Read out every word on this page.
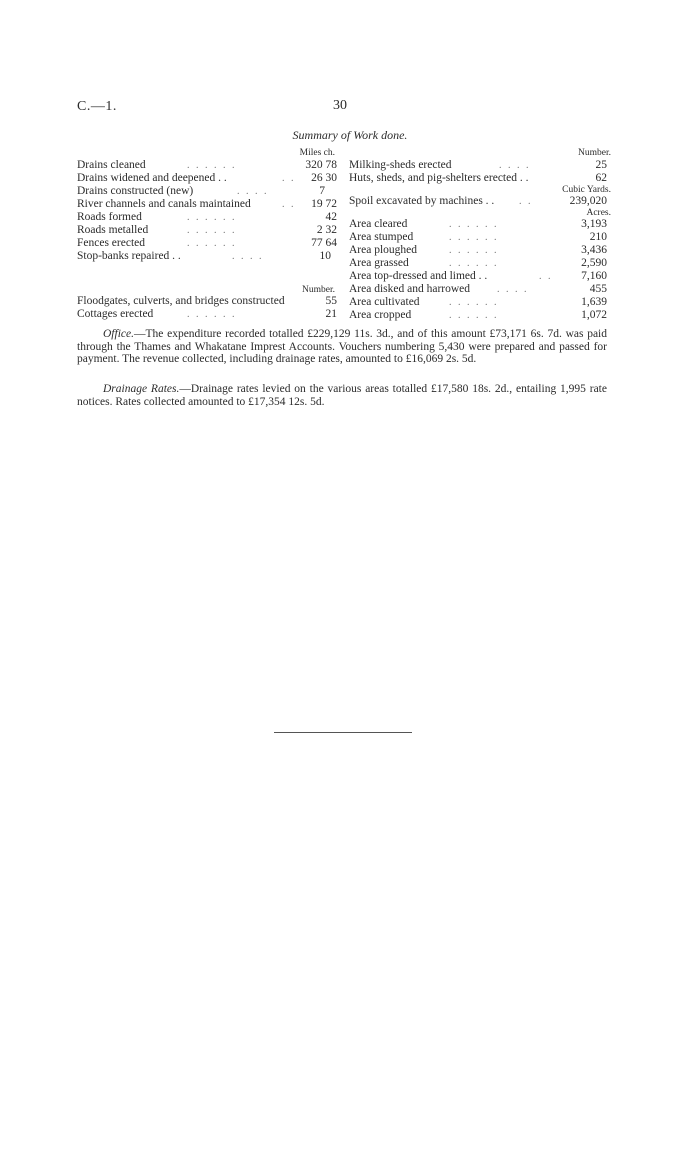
C.—1.	30
Summary of Work done.
Miles ch.
Drains cleaned	. . . . . .	320 78
Drains widened and deepened . .	. . 26 30
Drains constructed (new)	. . . .	7
River channels and canals maintained	. . 19 72
Roads formed	. . . . . .	42
Roads metalled	. . . . . .	2 32
Fences erected	. . . . . .	77 64
Stop-banks repaired . .	. . . .	10
Number.
Floodgates, culverts, and bridges constructed	55
Cottages erected	. . . . . .	21
Number.
Milking-sheds erected	. . . .	25
Huts, sheds, and pig-shelters erected . .	62
Cubic Yards.
Spoil excavated by machines . . . .	239,020
Acres.
Area cleared	. . . . . .	3,193
Area stumped	. . . . . .	210
Area ploughed	. . . . . .	3,436
Area grassed	. . . . . .	2,590
Area top-dressed and limed . .	. . 7,160
Area disked and harrowed	. . . .	455
Area cultivated	. . . . . .	1,639
Area cropped	. . . . . .	1,072
Office.—The expenditure recorded totalled £229,129 11s. 3d., and of this amount £73,171 6s. 7d. was paid through the Thames and Whakatane Imprest Accounts. Vouchers numbering 5,430 were prepared and passed for payment. The revenue collected, including drainage rates, amounted to £16,069 2s. 5d.
Drainage Rates.—Drainage rates levied on the various areas totalled £17,580 18s. 2d., entailing 1,995 rate notices. Rates collected amounted to £17,354 12s. 5d.
